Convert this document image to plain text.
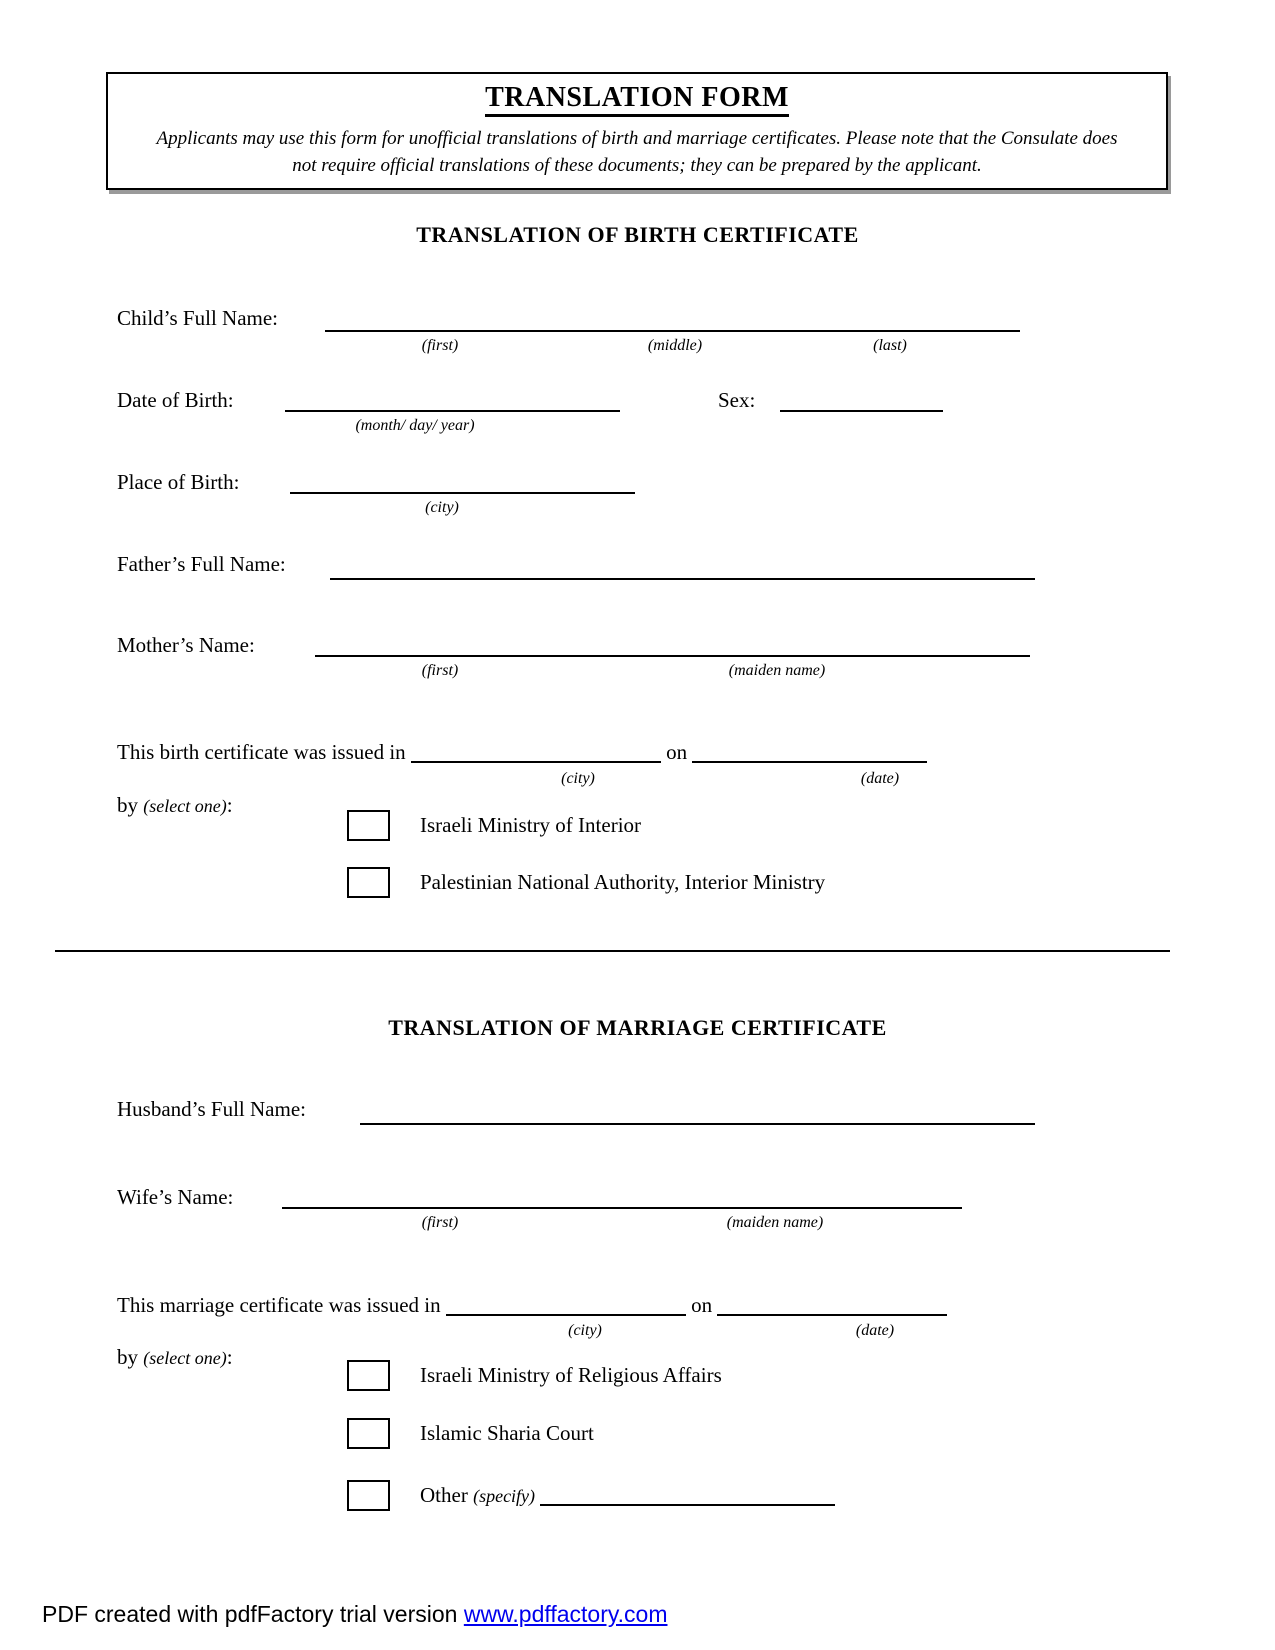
TRANSLATION FORM
Applicants may use this form for unofficial translations of birth and marriage certificates. Please note that the Consulate does
not require official translations of these documents; they can be prepared by the applicant.
TRANSLATION OF BIRTH CERTIFICATE
Child’s Full Name:
(first)	(middle)	(last)
Date of Birth:
(month/ day/ year)
Sex:
Place of Birth:
(city)
Father’s Full Name:
Mother’s Name:
(first)	(maiden name)
This birth certificate was issued in	on
(city)	(date)
by (select one):
Israeli Ministry of Interior
Palestinian National Authority, Interior Ministry
TRANSLATION OF MARRIAGE CERTIFICATE
Husband’s Full Name:
Wife’s Name:
(first)	(maiden name)
This marriage certificate was issued in	on
(city)	(date)
by (select one):
Israeli Ministry of Religious Affairs
Islamic Sharia Court
Other (specify)
PDF created with pdfFactory trial version www.pdffactory.com
